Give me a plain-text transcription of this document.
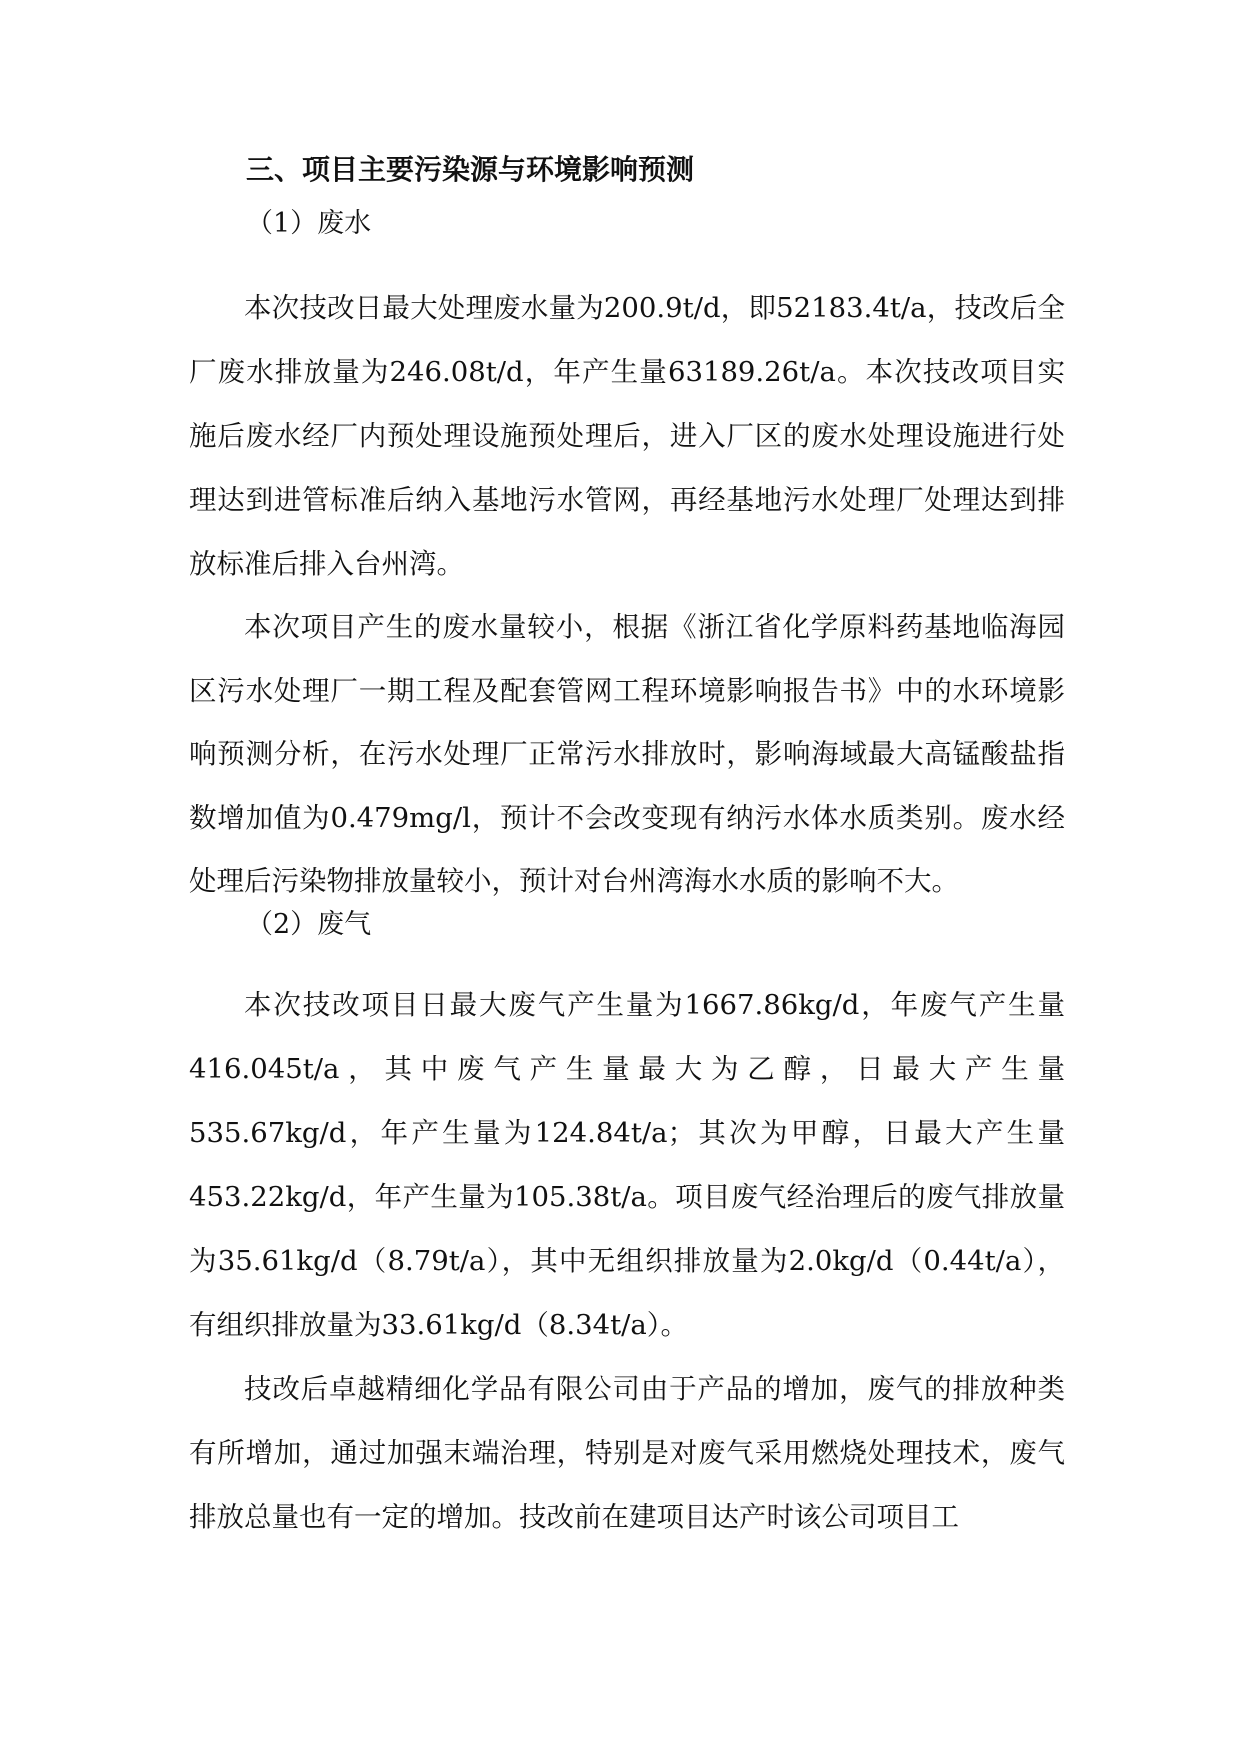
三、项目主要污染源与环境影响预测
（1）废水

本次技改日最大处理废水量为200.9t/d，即52183.4t/a，技改后全厂废水排放量为246.08t/d，年产生量63189.26t/a。本次技改项目实施后废水经厂内预处理设施预处理后，进入厂区的废水处理设施进行处理达到进管标准后纳入基地污水管网，再经基地污水处理厂处理达到排放标准后排入台州湾。

本次项目产生的废水量较小，根据《浙江省化学原料药基地临海园区污水处理厂一期工程及配套管网工程环境影响报告书》中的水环境影响预测分析，在污水处理厂正常污水排放时，影响海域最大高锰酸盐指数增加值为0.479mg/l，预计不会改变现有纳污水体水质类别。废水经处理后污染物排放量较小，预计对台州湾海水水质的影响不大。

（2）废气

本次技改项目日最大废气产生量为1667.86kg/d，年废气产生量416.045t/a，其中废气产生量最大为乙醇，日最大产生量535.67kg/d，年产生量为124.84t/a；其次为甲醇，日最大产生量453.22kg/d，年产生量为105.38t/a。项目废气经治理后的废气排放量为35.61kg/d（8.79t/a），其中无组织排放量为2.0kg/d（0.44t/a），有组织排放量为33.61kg/d（8.34t/a）。

技改后卓越精细化学品有限公司由于产品的增加，废气的排放种类有所增加，通过加强末端治理，特别是对废气采用燃烧处理技术，废气排放总量也有一定的增加。技改前在建项目达产时该公司项目工
